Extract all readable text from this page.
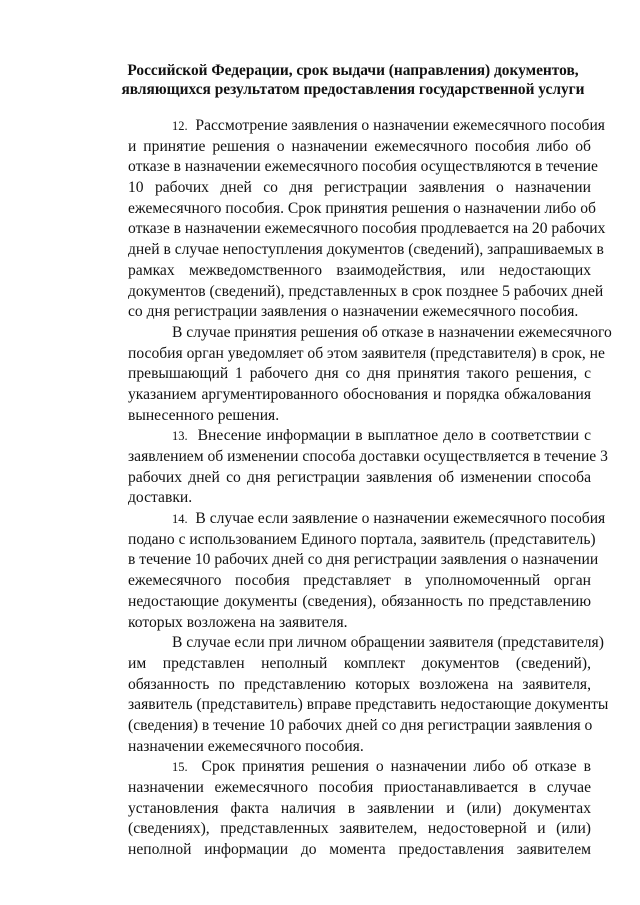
Российской Федерации, срок выдачи (направления) документов,
являющихся результатом предоставления государственной услуги
12. Рассмотрение заявления о назначении ежемесячного пособия
и принятие решения о назначении ежемесячного пособия либо об
отказе в назначении ежемесячного пособия осуществляются в течение
10 рабочих дней со дня регистрации заявления о назначении
ежемесячного пособия. Срок принятия решения о назначении либо об
отказе в назначении ежемесячного пособия продлевается на 20 рабочих
дней в случае непоступления документов (сведений), запрашиваемых в
рамках межведомственного взаимодействия, или недостающих
документов (сведений), представленных в срок позднее 5 рабочих дней
со дня регистрации заявления о назначении ежемесячного пособия.
В случае принятия решения об отказе в назначении ежемесячного
пособия орган уведомляет об этом заявителя (представителя) в срок, не
превышающий 1 рабочего дня со дня принятия такого решения, с
указанием аргументированного обоснования и порядка обжалования
вынесенного решения.
13. Внесение информации в выплатное дело в соответствии с
заявлением об изменении способа доставки осуществляется в течение 3
рабочих дней со дня регистрации заявления об изменении способа
доставки.
14. В случае если заявление о назначении ежемесячного пособия
подано с использованием Единого портала, заявитель (представитель)
в течение 10 рабочих дней со дня регистрации заявления о назначении
ежемесячного пособия представляет в уполномоченный орган
недостающие документы (сведения), обязанность по представлению
которых возложена на заявителя.
В случае если при личном обращении заявителя (представителя)
им представлен неполный комплект документов (сведений),
обязанность по представлению которых возложена на заявителя,
заявитель (представитель) вправе представить недостающие документы
(сведения) в течение 10 рабочих дней со дня регистрации заявления о
назначении ежемесячного пособия.
15. Срок принятия решения о назначении либо об отказе в
назначении ежемесячного пособия приостанавливается в случае
установления факта наличия в заявлении и (или) документах
(сведениях), представленных заявителем, недостоверной и (или)
неполной информации до момента предоставления заявителем
